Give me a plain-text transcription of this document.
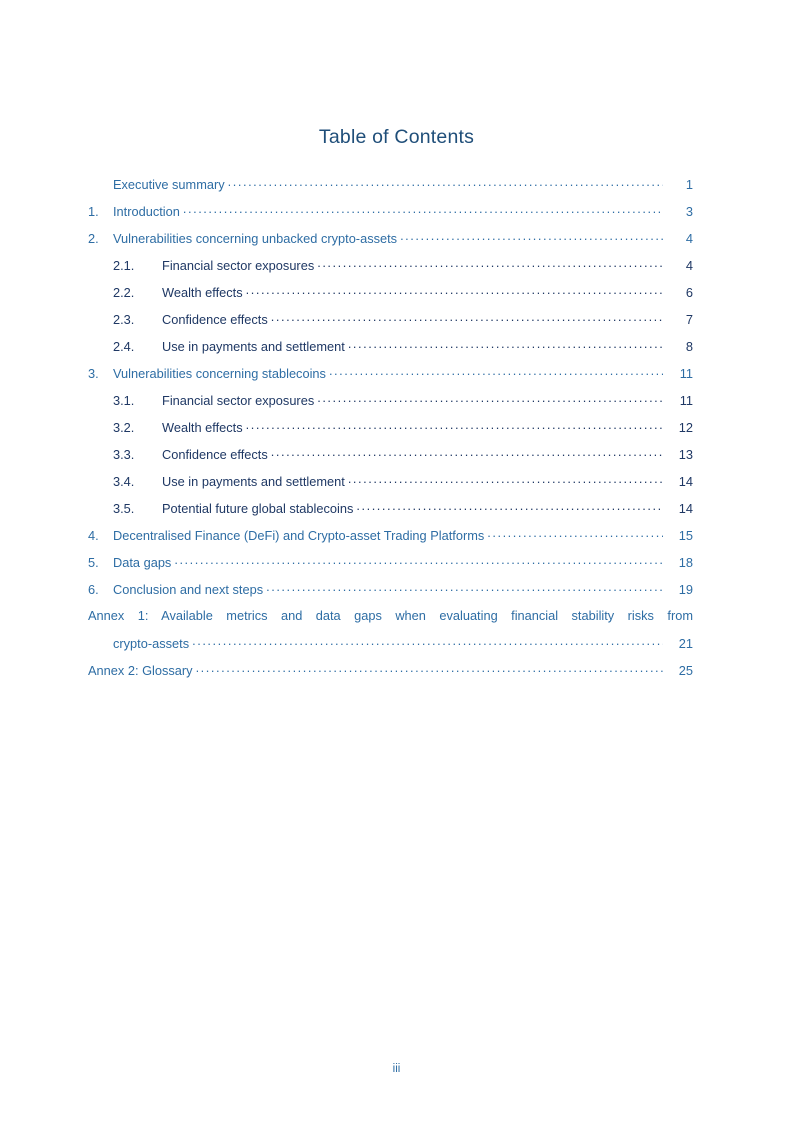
Table of Contents
Executive summary .....	1
1.	Introduction .....	3
2.	Vulnerabilities concerning unbacked crypto-assets .....	4
2.1.	Financial sector exposures .....	4
2.2.	Wealth effects .....	6
2.3.	Confidence effects .....	7
2.4.	Use in payments and settlement .....	8
3.	Vulnerabilities concerning stablecoins .....	11
3.1.	Financial sector exposures .....	11
3.2.	Wealth effects .....	12
3.3.	Confidence effects .....	13
3.4.	Use in payments and settlement .....	14
3.5.	Potential future global stablecoins .....	14
4.	Decentralised Finance (DeFi) and Crypto-asset Trading Platforms .....	15
5.	Data gaps .....	18
6.	Conclusion and next steps .....	19
Annex 1: Available metrics and data gaps when evaluating financial stability risks from
crypto-assets .....	21
Annex 2: Glossary .....	25
iii
